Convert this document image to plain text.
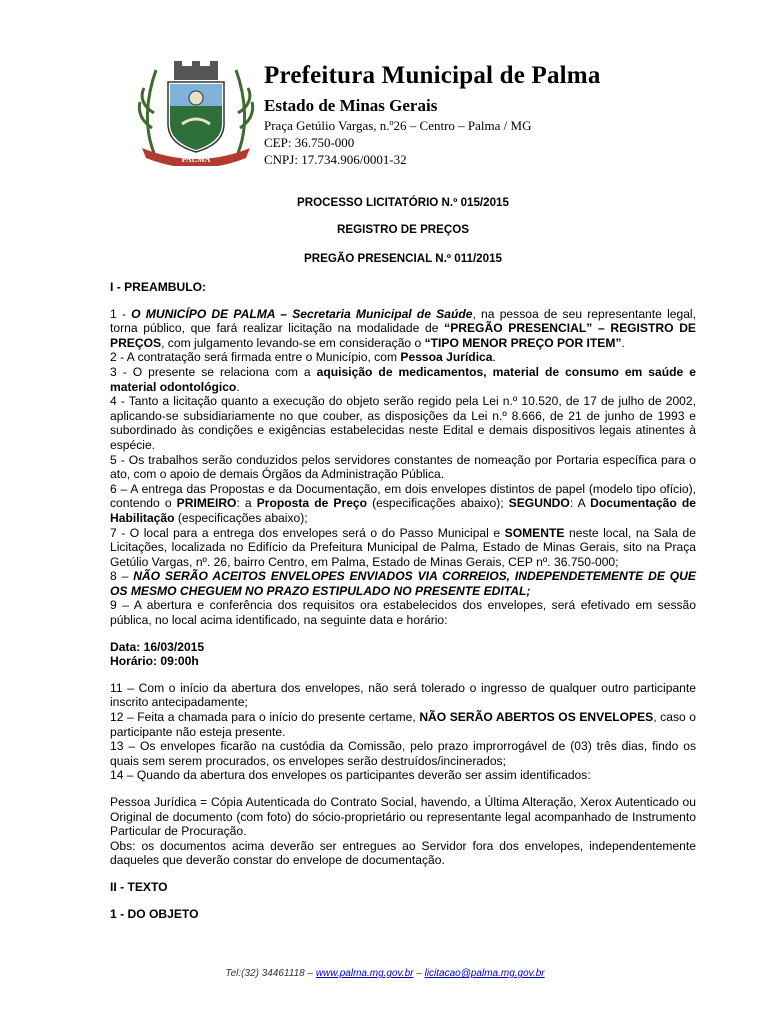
PALMA
Prefeitura Municipal de Palma
Estado de Minas Gerais
Praça Getúlio Vargas, n.º26 – Centro – Palma / MG
CEP: 36.750-000
CNPJ: 17.734.906/0001-32
PROCESSO LICITATÓRIO N.º 015/2015
REGISTRO DE PREÇOS
PREGÃO PRESENCIAL N.º 011/2015

I - PREAMBULO:

1 - O MUNICÍPO DE PALMA – Secretaria Municipal de Saúde, na pessoa de seu representante legal, torna público, que fará realizar licitação na modalidade de “PREGÃO PRESENCIAL” – REGISTRO DE PREÇOS, com julgamento levando-se em consideração o “TIPO MENOR PREÇO POR ITEM”.

2 - A contratação será firmada entre o Município, com Pessoa Jurídica.

3 - O presente se relaciona com a aquisição de medicamentos, material de consumo em saúde e material odontológico.

4 - Tanto a licitação quanto a execução do objeto serão regido pela Lei n.º 10.520, de 17 de julho de 2002, aplicando-se subsidiariamente no que couber, as disposições da Lei n.º 8.666, de 21 de junho de 1993 e subordinado às condições e exigências estabelecidas neste Edital e demais dispositivos legais atinentes à espécie.

5 - Os trabalhos serão conduzidos pelos servidores constantes de nomeação por Portaria específica para o ato, com o apoio de demais Órgãos da Administração Pública.

6 – A entrega das Propostas e da Documentação, em dois envelopes distintos de papel (modelo tipo ofício), contendo o PRIMEIRO: a Proposta de Preço (especificações abaixo); SEGUNDO: A Documentação de Habilitação (especificações abaixo);

7 - O local para a entrega dos envelopes será o do Passo Municipal e SOMENTE neste local, na Sala de Licitações, localizada no Edifício da Prefeitura Municipal de Palma, Estado de Minas Gerais, sito na Praça Getúlio Vargas, nº. 26, bairro Centro, em Palma, Estado de Minas Gerais, CEP nº. 36.750-000;

8 – NÃO SERÃO ACEITOS ENVELOPES ENVIADOS VIA CORREIOS, INDEPENDETEMENTE DE QUE OS MESMO CHEGUEM NO PRAZO ESTIPULADO NO PRESENTE EDITAL;

9 – A abertura e conferência dos requisitos ora estabelecidos dos envelopes, será efetivado em sessão pública, no local acima identificado, na seguinte data e horário:

Data: 16/03/2015

Horário: 09:00h

11 – Com o início da abertura dos envelopes, não será tolerado o ingresso de qualquer outro participante inscrito antecipadamente;

12 – Feita a chamada para o início do presente certame, NÃO SERÃO ABERTOS OS ENVELOPES, caso o participante não esteja presente.

13 – Os envelopes ficarão na custódia da Comissão, pelo prazo improrrogável de (03) três dias, findo os quais sem serem procurados, os envelopes serão destruídos/incinerados;

14 – Quando da abertura dos envelopes os participantes deverão ser assim identificados:

Pessoa Jurídica = Cópia Autenticada do Contrato Social, havendo, a Última Alteração, Xerox Autenticado ou Original de documento (com foto) do sócio-proprietário ou representante legal acompanhado de Instrumento Particular de Procuração.

Obs: os documentos acima deverão ser entregues ao Servidor fora dos envelopes, independentemente daqueles que deverão constar do envelope de documentação.

II - TEXTO

1 - DO OBJETO

Tel:(32) 34461118 – www.palma.mg.gov.br – licitacao@palma.mg.gov.br
